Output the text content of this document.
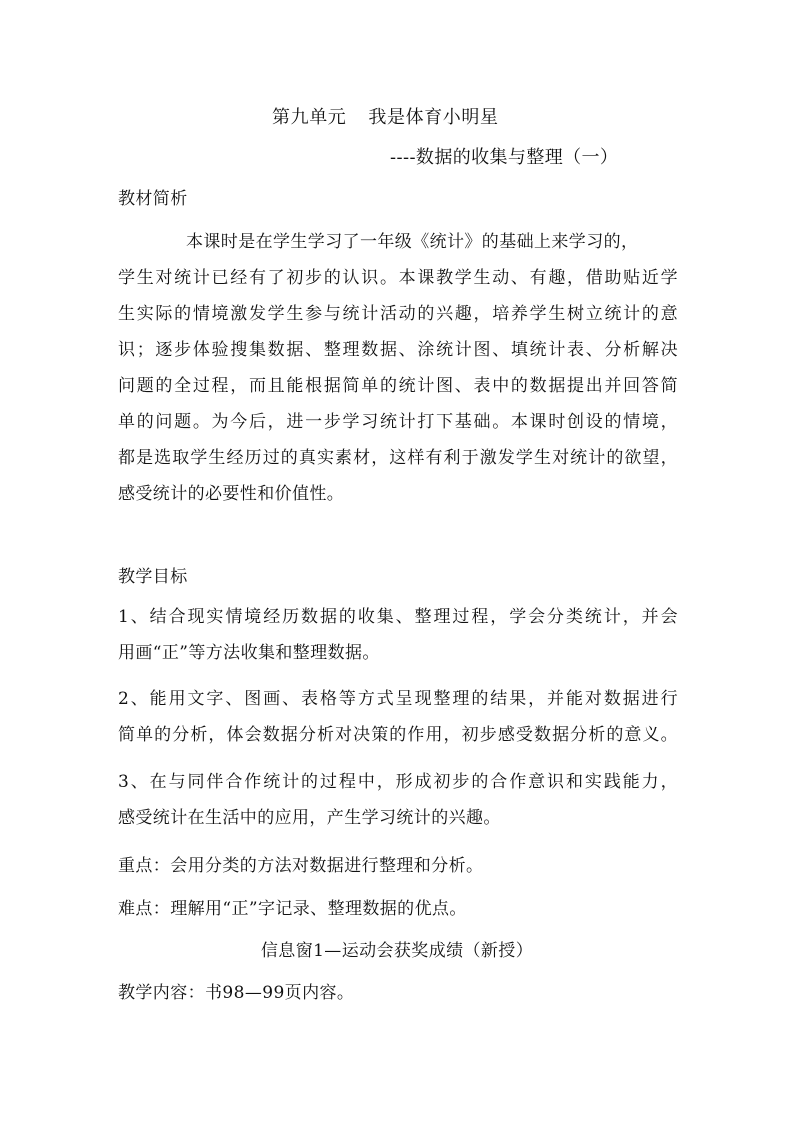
第九单元 我是体育小明星
----数据的收集与整理（一）
教材简析
本课时是在学生学习了一年级《统计》的基础上来学习的，
学生对统计已经有了初步的认识。本课教学生动、有趣，借助贴近学
生实际的情境激发学生参与统计活动的兴趣，培养学生树立统计的意
识；逐步体验搜集数据、整理数据、涂统计图、填统计表、分析解决
问题的全过程，而且能根据简单的统计图、表中的数据提出并回答简
单的问题。为今后，进一步学习统计打下基础。本课时创设的情境，
都是选取学生经历过的真实素材，这样有利于激发学生对统计的欲望，
感受统计的必要性和价值性。
教学目标
1、结合现实情境经历数据的收集、整理过程，学会分类统计，并会
用画“正”等方法收集和整理数据。
2、能用文字、图画、表格等方式呈现整理的结果，并能对数据进行
简单的分析，体会数据分析对决策的作用，初步感受数据分析的意义。
3、在与同伴合作统计的过程中，形成初步的合作意识和实践能力，
感受统计在生活中的应用，产生学习统计的兴趣。
重点：会用分类的方法对数据进行整理和分析。
难点：理解用“正”字记录、整理数据的优点。
信息窗1—运动会获奖成绩（新授）
教学内容：书98—99页内容。
